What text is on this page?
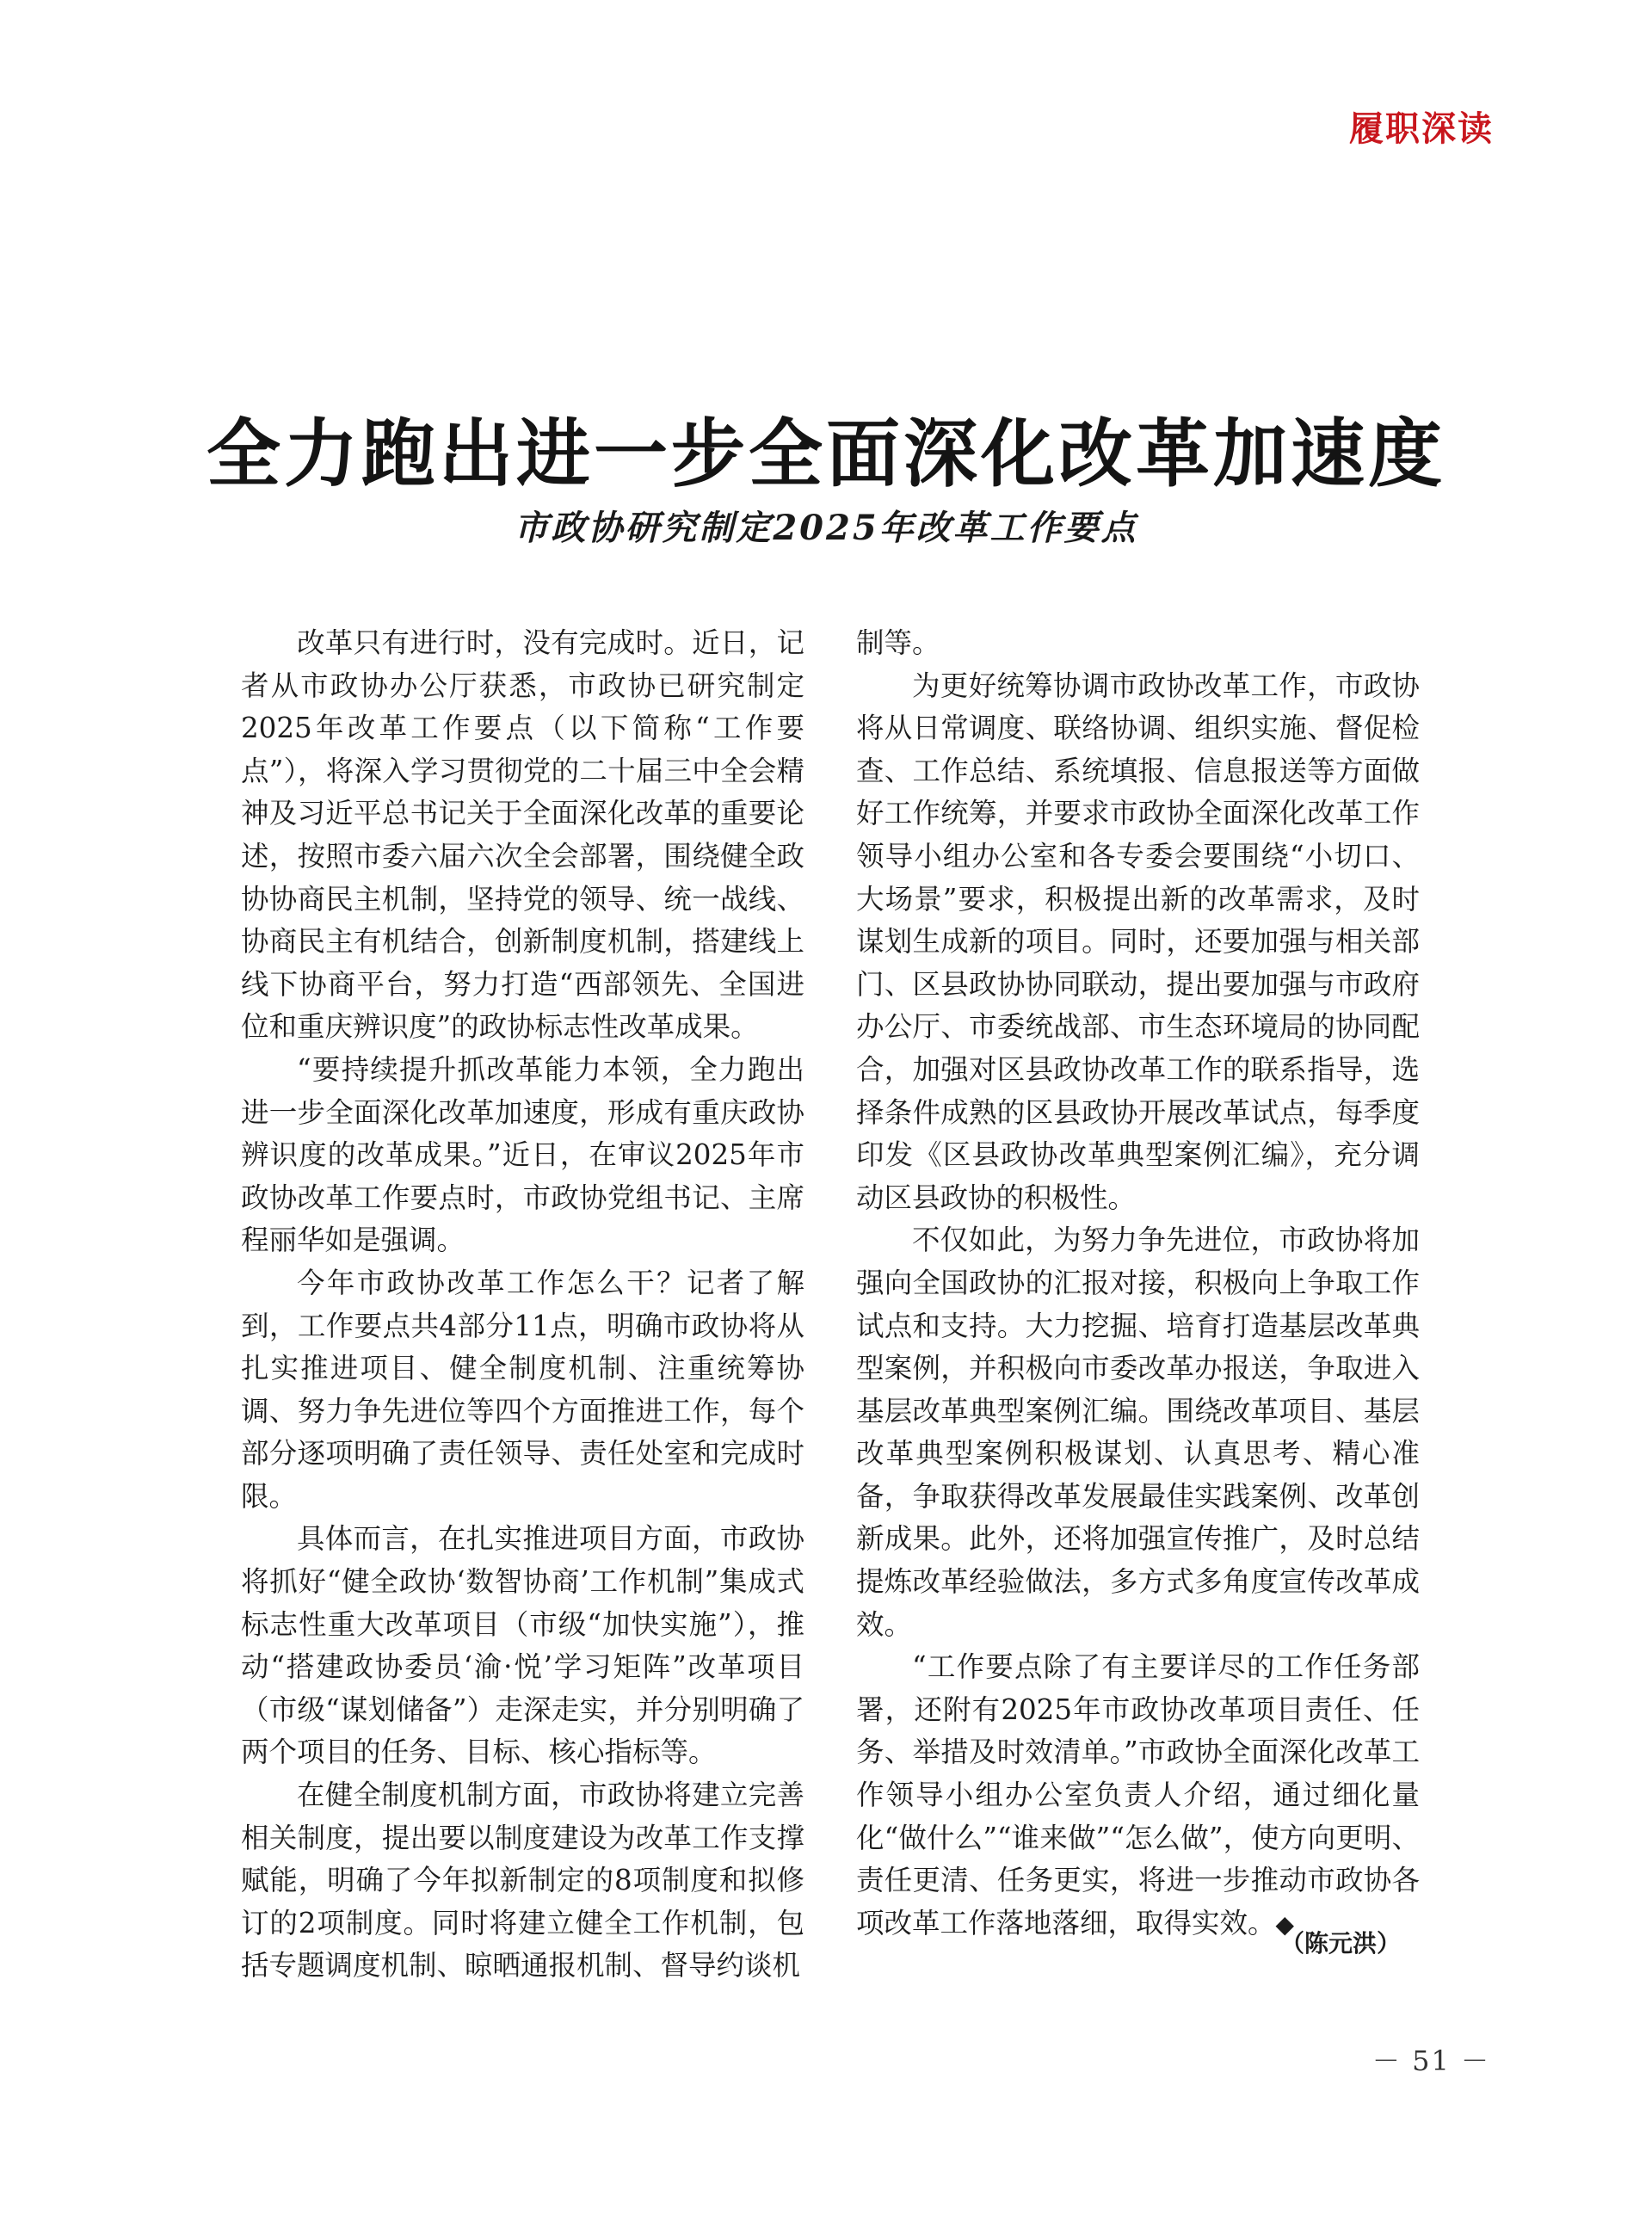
履职深读
全力跑出进一步全面深化改革加速度
市政协研究制定2025年改革工作要点

改革只有进行时，没有完成时。近日，记者从市政协办公厅获悉，市政协已研究制定2025年改革工作要点（以下简称“工作要点”），将深入学习贯彻党的二十届三中全会精神及习近平总书记关于全面深化改革的重要论述，按照市委六届六次全会部署，围绕健全政协协商民主机制，坚持党的领导、统一战线、协商民主有机结合，创新制度机制，搭建线上线下协商平台，努力打造“西部领先、全国进位和重庆辨识度”的政协标志性改革成果。

“要持续提升抓改革能力本领，全力跑出进一步全面深化改革加速度，形成有重庆政协辨识度的改革成果。”近日，在审议2025年市政协改革工作要点时，市政协党组书记、主席程丽华如是强调。

今年市政协改革工作怎么干？记者了解到，工作要点共4部分11点，明确市政协将从扎实推进项目、健全制度机制、注重统筹协调、努力争先进位等四个方面推进工作，每个部分逐项明确了责任领导、责任处室和完成时限。

具体而言，在扎实推进项目方面，市政协将抓好“健全政协‘数智协商’工作机制”集成式标志性重大改革项目（市级“加快实施”），推动“搭建政协委员‘渝·悦’学习矩阵”改革项目（市级“谋划储备”）走深走实，并分别明确了两个项目的任务、目标、核心指标等。

在健全制度机制方面，市政协将建立完善相关制度，提出要以制度建设为改革工作支撑赋能，明确了今年拟新制定的8项制度和拟修订的2项制度。同时将建立健全工作机制，包括专题调度机制、晾晒通报机制、督导约谈机

制等。

为更好统筹协调市政协改革工作，市政协将从日常调度、联络协调、组织实施、督促检查、工作总结、系统填报、信息报送等方面做好工作统筹，并要求市政协全面深化改革工作领导小组办公室和各专委会要围绕“小切口、大场景”要求，积极提出新的改革需求，及时谋划生成新的项目。同时，还要加强与相关部门、区县政协协同联动，提出要加强与市政府办公厅、市委统战部、市生态环境局的协同配合，加强对区县政协改革工作的联系指导，选择条件成熟的区县政协开展改革试点，每季度印发《区县政协改革典型案例汇编》，充分调动区县政协的积极性。

不仅如此，为努力争先进位，市政协将加强向全国政协的汇报对接，积极向上争取工作试点和支持。大力挖掘、培育打造基层改革典型案例，并积极向市委改革办报送，争取进入基层改革典型案例汇编。围绕改革项目、基层改革典型案例积极谋划、认真思考、精心准备，争取获得改革发展最佳实践案例、改革创新成果。此外，还将加强宣传推广，及时总结提炼改革经验做法，多方式多角度宣传改革成效。

“工作要点除了有主要详尽的工作任务部署，还附有2025年市政协改革项目责任、任务、举措及时效清单。”市政协全面深化改革工作领导小组办公室负责人介绍，通过细化量化“做什么”“谁来做”“怎么做”，使方向更明、责任更清、任务更实，将进一步推动市政协各项改革工作落地落细，取得实效。◆

（陈元洪）
－ 51 －
